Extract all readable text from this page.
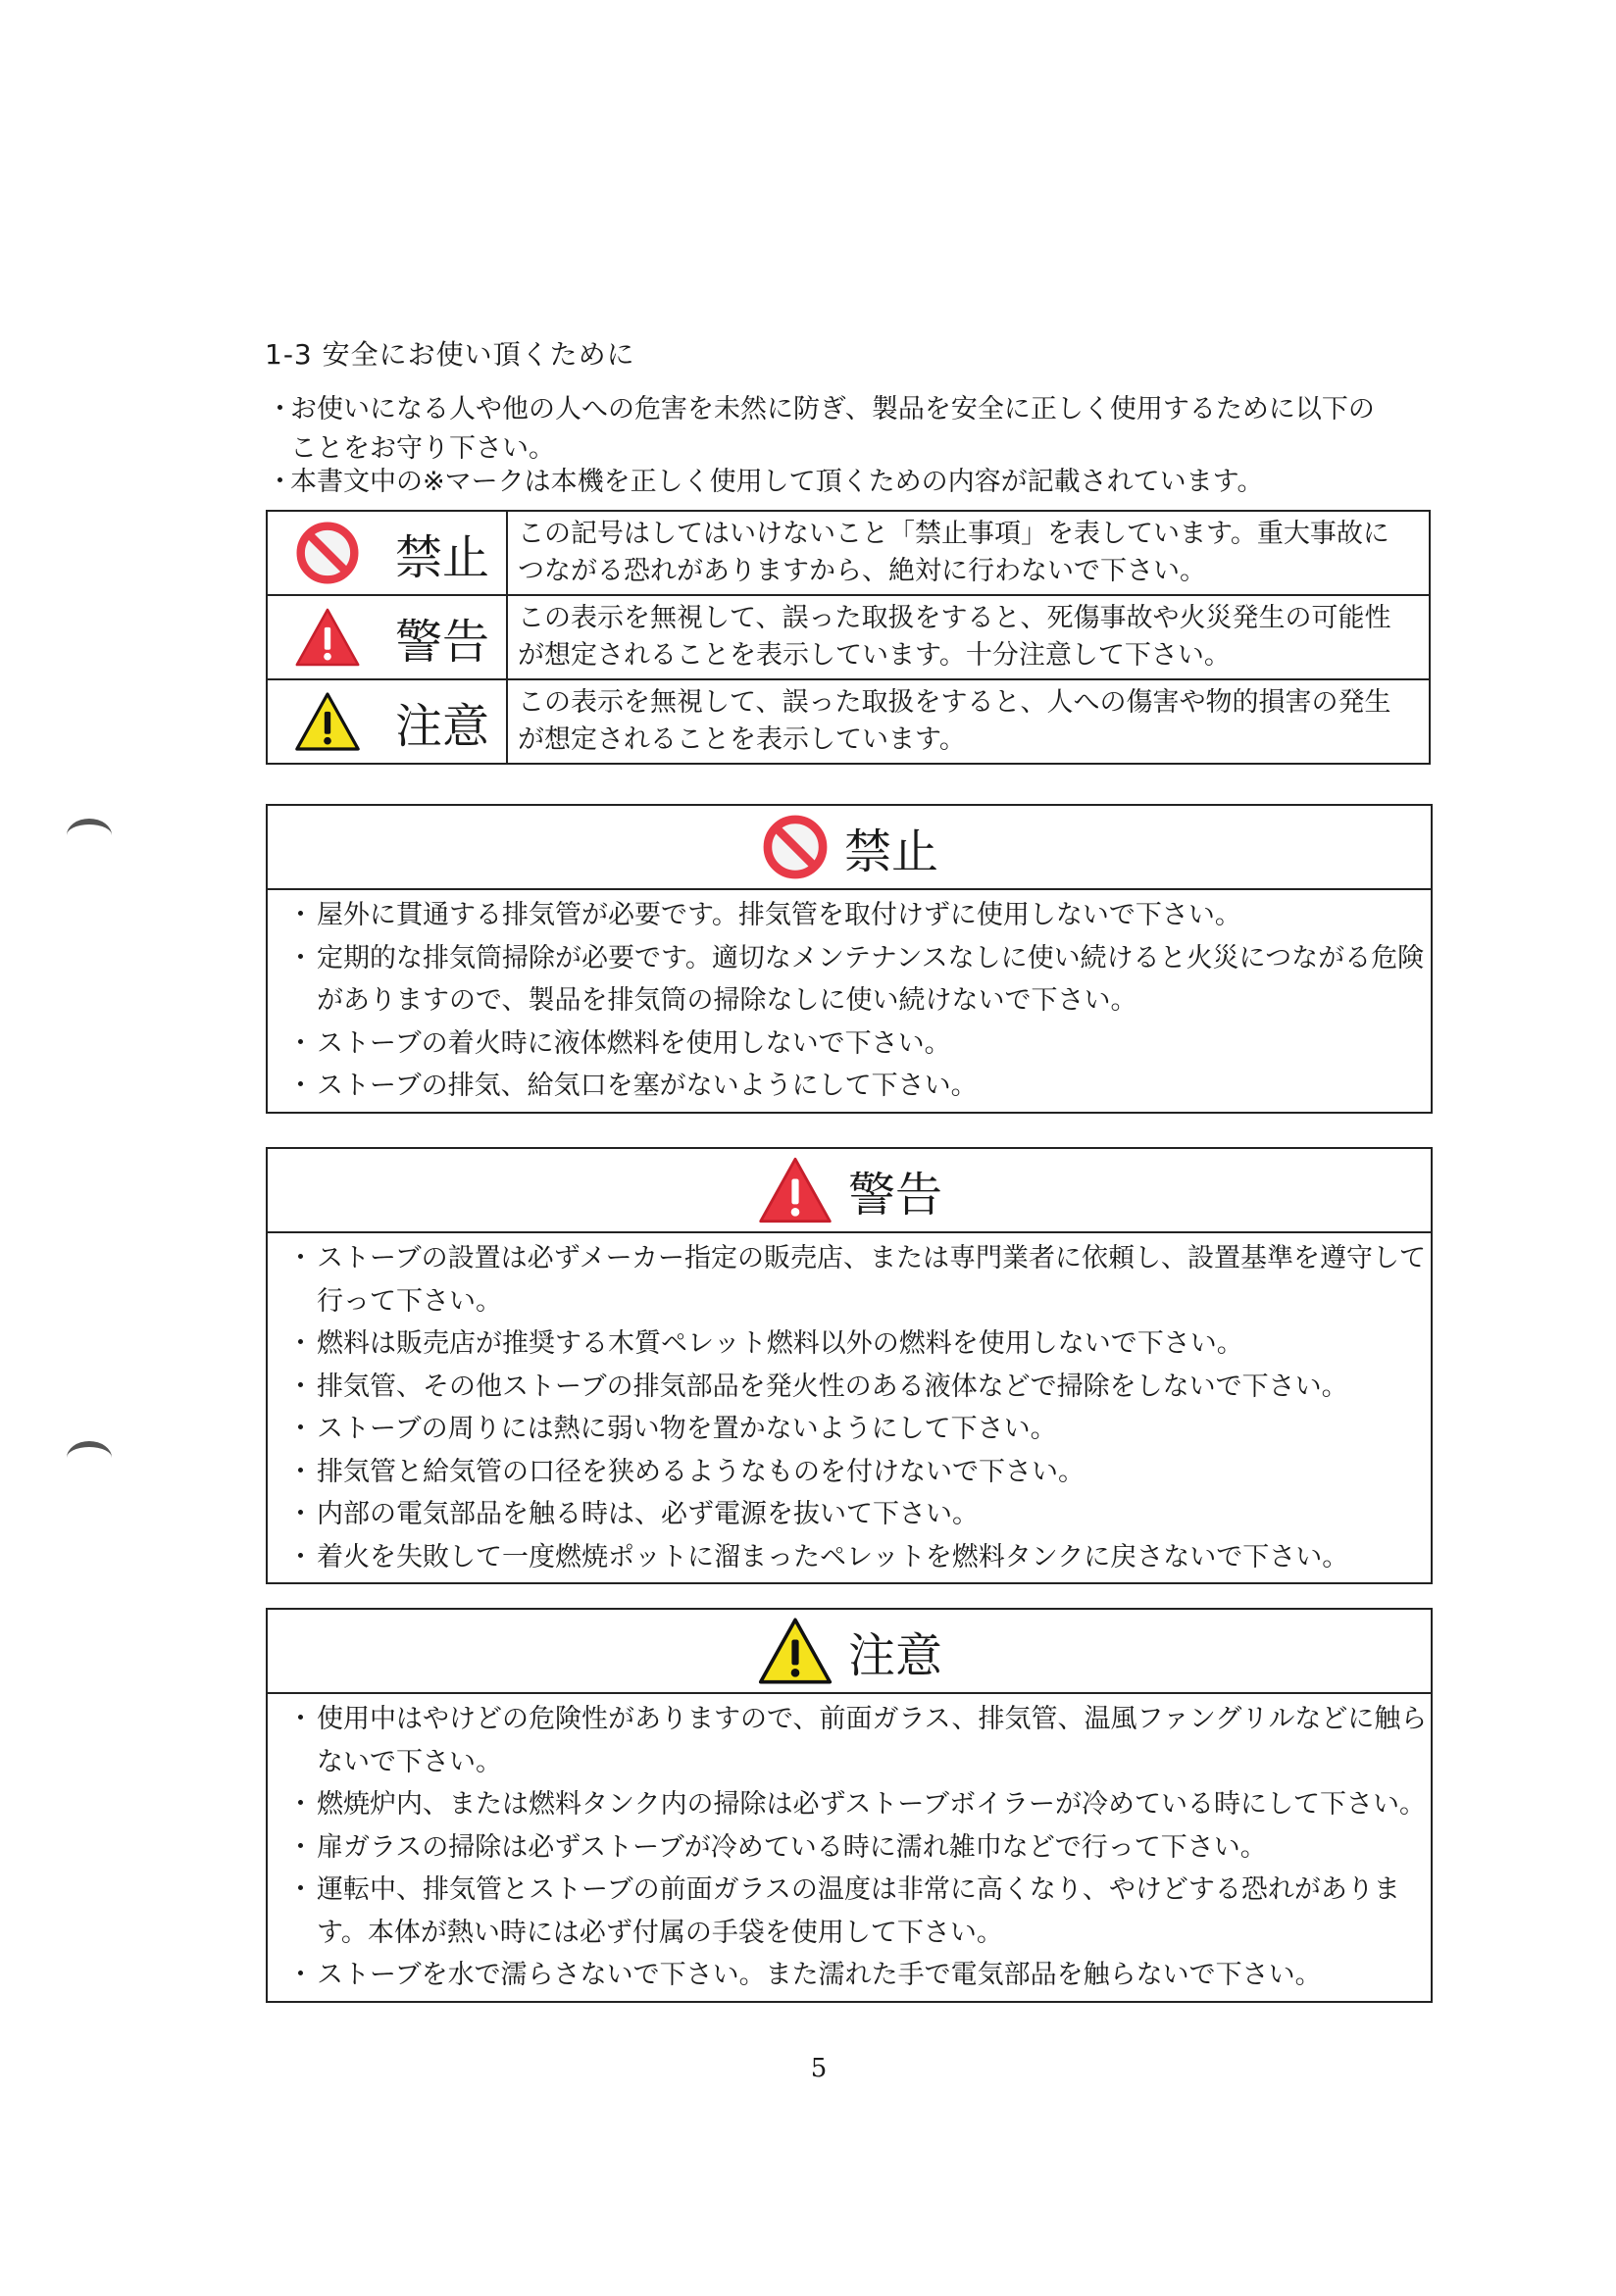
1-3 安全にお使い頂くために
・お使いになる人や他の人への危害を未然に防ぎ、製品を安全に正しく使用するために以下の
ことをお守り下さい。
・本書文中の※マークは本機を正しく使用して頂くための内容が記載されています。
禁止	この記号はしてはいけないこと「禁止事項」を表しています。重大事故に
つながる恐れがありますから、絶対に行わないで下さい。

警告	この表示を無視して、誤った取扱をすると、死傷事故や火災発生の可能性
が想定されることを表示しています。十分注意して下さい。

注意	この表示を無視して、誤った取扱をすると、人への傷害や物的損害の発生
が想定されることを表示しています。
禁止
・ 屋外に貫通する排気管が必要です。排気管を取付けずに使用しないで下さい。
・ 定期的な排気筒掃除が必要です。適切なメンテナンスなしに使い続けると火災につながる危険
がありますので、製品を排気筒の掃除なしに使い続けないで下さい。
・ ストーブの着火時に液体燃料を使用しないで下さい。
・ ストーブの排気、給気口を塞がないようにして下さい。
警告
・ ストーブの設置は必ずメーカー指定の販売店、または専門業者に依頼し、設置基準を遵守して
行って下さい。
・ 燃料は販売店が推奨する木質ペレット燃料以外の燃料を使用しないで下さい。
・ 排気管、その他ストーブの排気部品を発火性のある液体などで掃除をしないで下さい。
・ ストーブの周りには熱に弱い物を置かないようにして下さい。
・ 排気管と給気管の口径を狭めるようなものを付けないで下さい。
・ 内部の電気部品を触る時は、必ず電源を抜いて下さい。
・ 着火を失敗して一度燃焼ポットに溜まったペレットを燃料タンクに戻さないで下さい。
注意
・ 使用中はやけどの危険性がありますので、前面ガラス、排気管、温風ファングリルなどに触ら
ないで下さい。
・ 燃焼炉内、または燃料タンク内の掃除は必ずストーブボイラーが冷めている時にして下さい。
・ 扉ガラスの掃除は必ずストーブが冷めている時に濡れ雑巾などで行って下さい。
・ 運転中、排気管とストーブの前面ガラスの温度は非常に高くなり、やけどする恐れがありま
す。本体が熱い時には必ず付属の手袋を使用して下さい。
・ ストーブを水で濡らさないで下さい。また濡れた手で電気部品を触らないで下さい。
5
